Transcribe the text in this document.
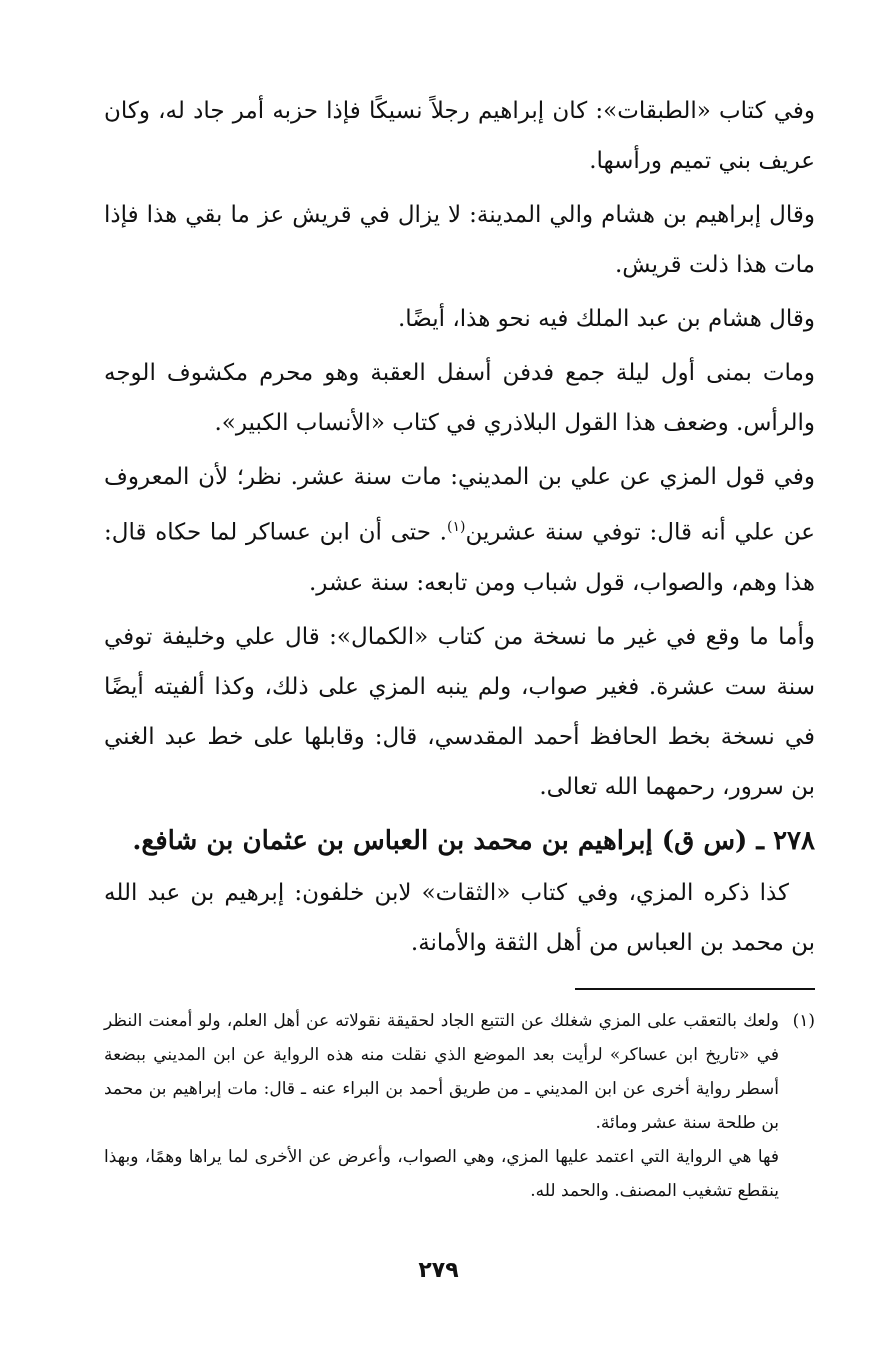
وفي كتاب «الطبقات»: كان إبراهيم رجلاً نسيكًا فإذا حزبه أمر جاد له، وكان عريف بني تميم ورأسها.

وقال إبراهيم بن هشام والي المدينة: لا يزال في قريش عز ما بقي هذا فإذا مات هذا ذلت قريش.

وقال هشام بن عبد الملك فيه نحو هذا، أيضًا.

ومات بمنى أول ليلة جمع فدفن أسفل العقبة وهو محرم مكشوف الوجه والرأس. وضعف هذا القول البلاذري في كتاب «الأنساب الكبير».

وفي قول المزي عن علي بن المديني: مات سنة عشر. نظر؛ لأن المعروف عن علي أنه قال: توفي سنة عشرين$^{(١)}$. حتى أن ابن عساكر لما حكاه قال: هذا وهم، والصواب، قول شباب ومن تابعه: سنة عشر.

وأما ما وقع في غير ما نسخة من كتاب «الكمال»: قال علي وخليفة توفي سنة ست عشرة. فغير صواب، ولم ينبه المزي على ذلك، وكذا ألفيته أيضًا في نسخة بخط الحافظ أحمد المقدسي، قال: وقابلها على خط عبد الغني بن سرور، رحمهما الله تعالى.

٢٧٨ ـ (س ق) إبراهيم بن محمد بن العباس بن عثمان بن شافع.

كذا ذكره المزي، وفي كتاب «الثقات» لابن خلفون: إبرهيم بن عبد الله بن محمد بن العباس من أهل الثقة والأمانة.

(١)

ولعك بالتعقب على المزي شغلك عن التتبع الجاد لحقيقة نقولاته عن أهل العلم، ولو أمعنت النظر في «تاريخ ابن عساكر» لرأيت بعد الموضع الذي نقلت منه هذه الرواية عن ابن المديني ببضعة أسطر رواية أخرى عن ابن المديني ـ من طريق أحمد بن البراء عنه ـ قال: مات إبراهيم بن محمد بن طلحة سنة عشر ومائة.

فها هي الرواية التي اعتمد عليها المزي، وهي الصواب، وأعرض عن الأخرى لما يراها وهمًا، وبهذا ينقطع تشغيب المصنف. والحمد لله.

٢٧٩
